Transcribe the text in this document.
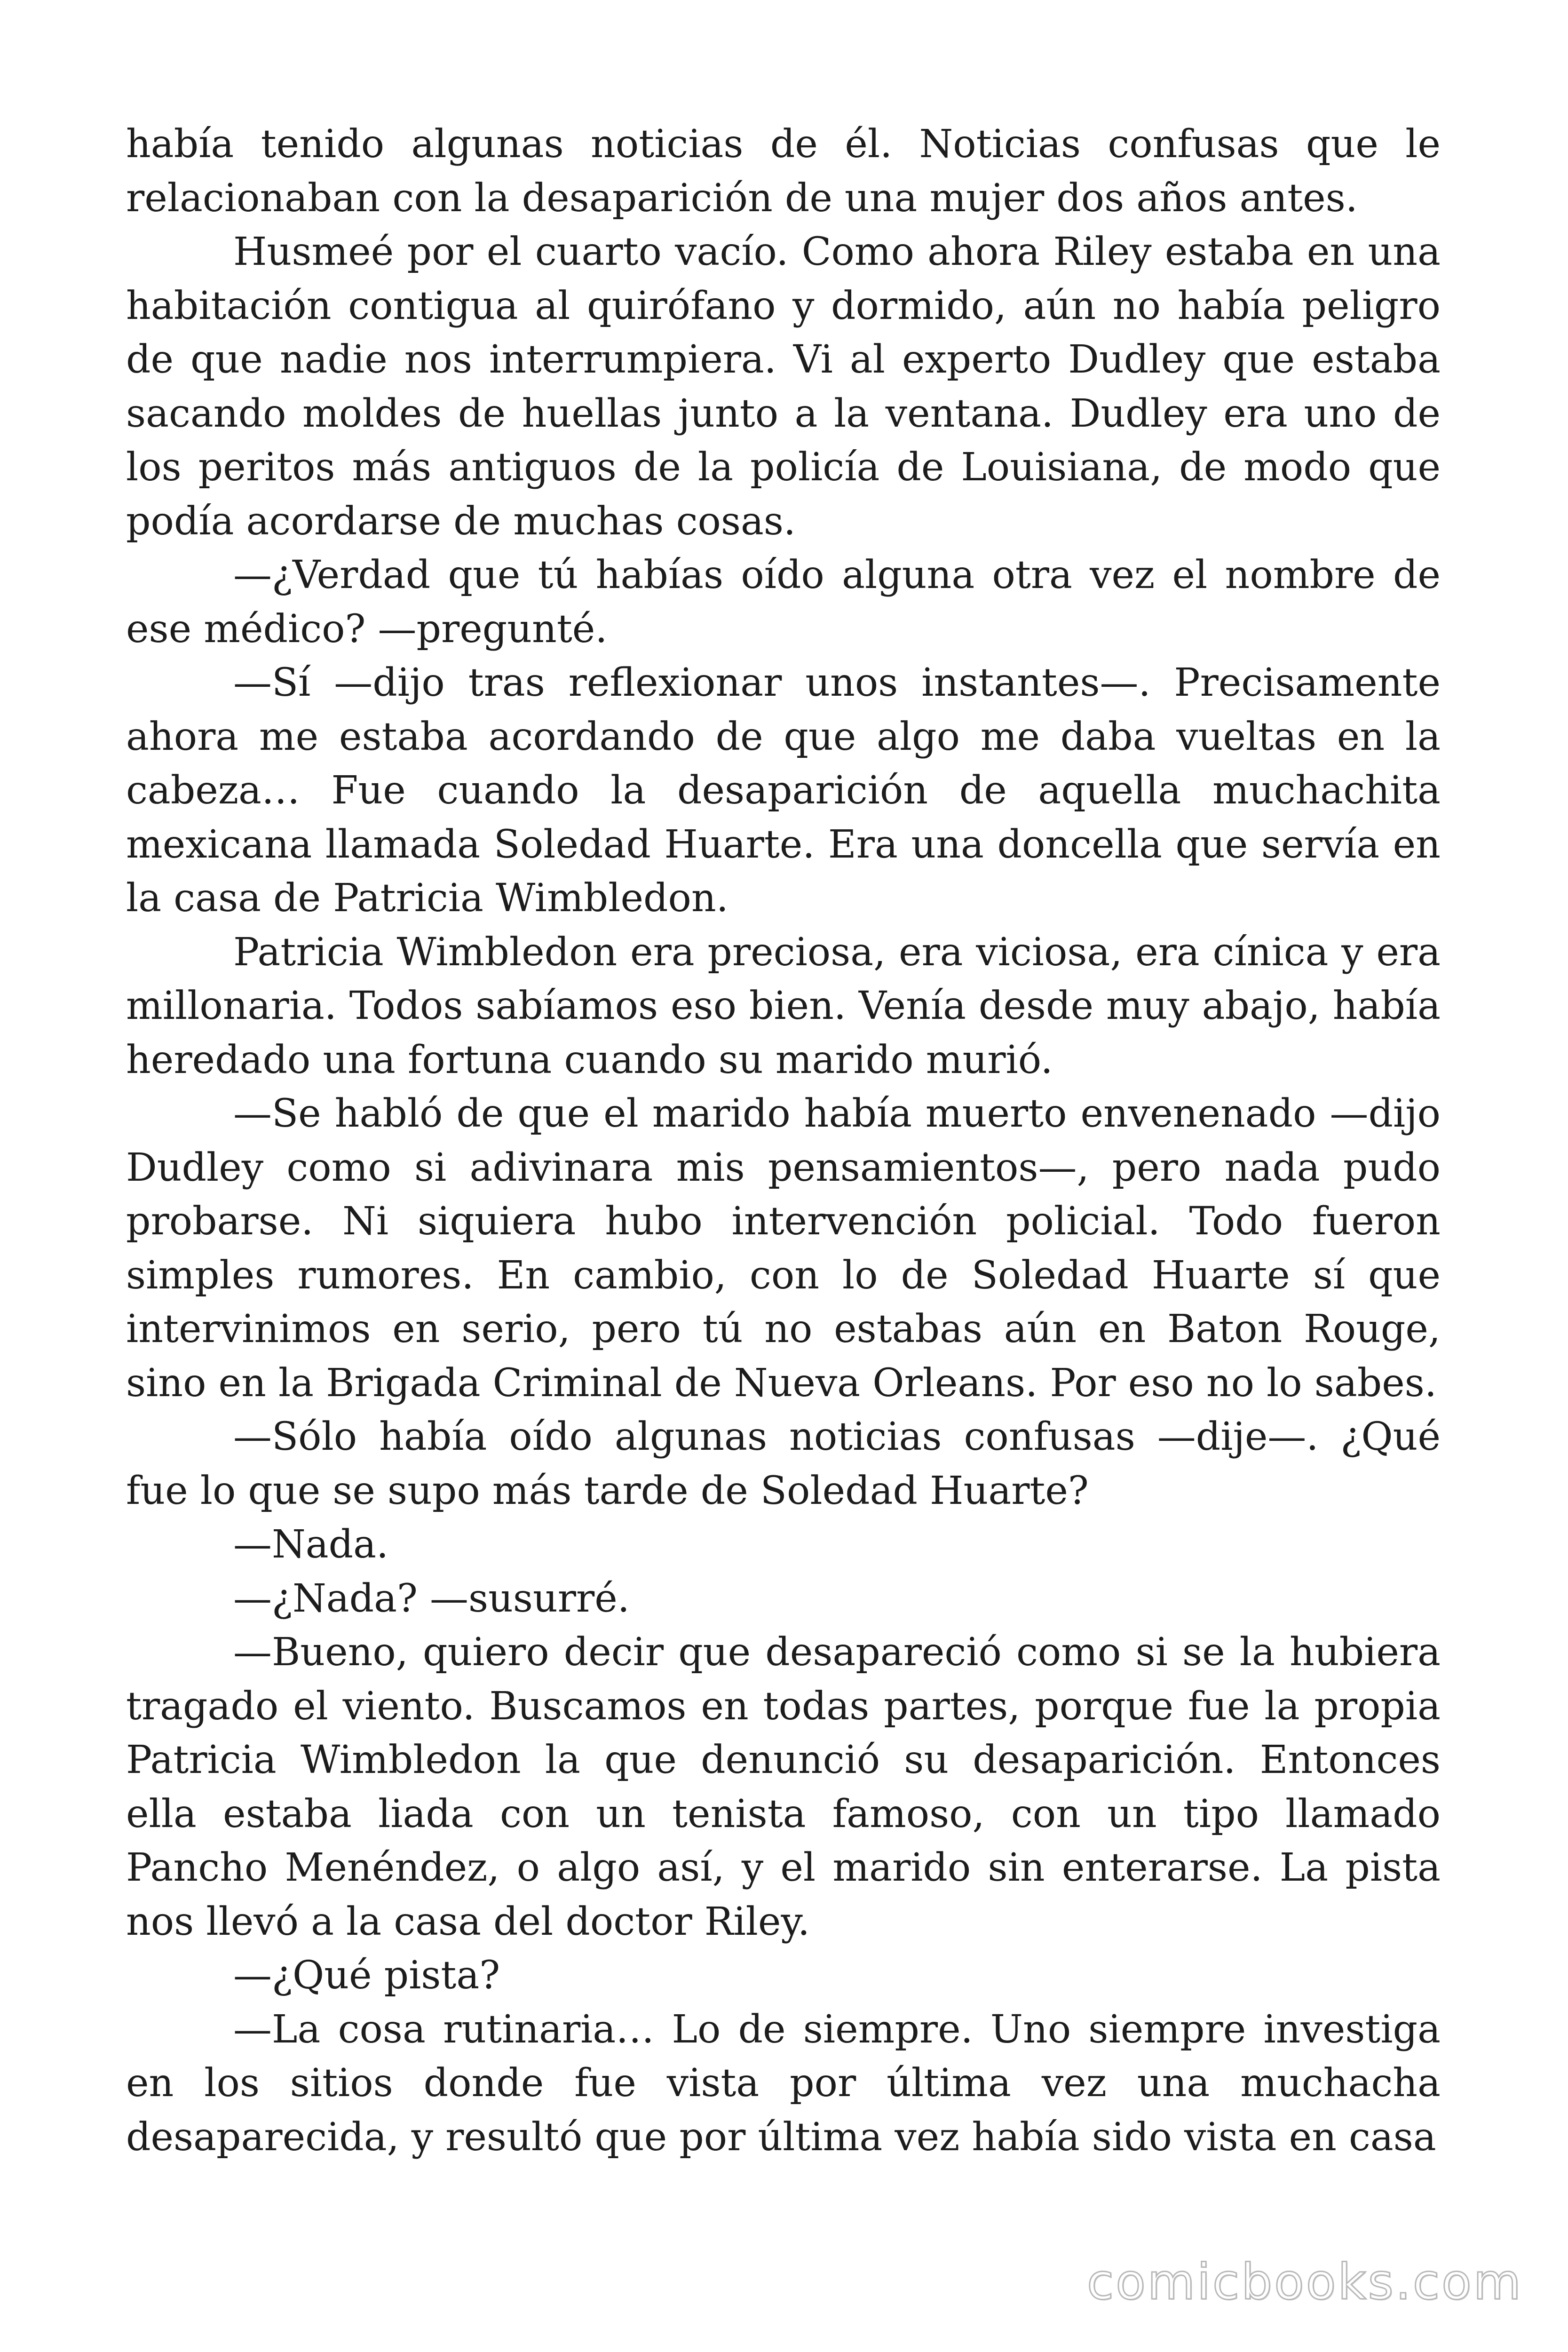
había tenido algunas noticias de él. Noticias confusas que le relacionaban con la desaparición de una mujer dos años antes.

Husmeé por el cuarto vacío. Como ahora Riley estaba en una habitación contigua al quirófano y dormido, aún no había peligro de que nadie nos interrumpiera. Vi al experto Dudley que estaba sacando moldes de huellas junto a la ventana. Dudley era uno de los peritos más antiguos de la policía de Louisiana, de modo que podía acordarse de muchas cosas.

—¿Verdad que tú habías oído alguna otra vez el nombre de ese médico? —pregunté.

—Sí —dijo tras reflexionar unos instantes—. Precisamente ahora me estaba acordando de que algo me daba vueltas en la cabeza… Fue cuando la desaparición de aquella muchachita mexicana llamada Soledad Huarte. Era una doncella que servía en la casa de Patricia Wimbledon.

Patricia Wimbledon era preciosa, era viciosa, era cínica y era millonaria. Todos sabíamos eso bien. Venía desde muy abajo, había heredado una fortuna cuando su marido murió.

—Se habló de que el marido había muerto envenenado —dijo Dudley como si adivinara mis pensamientos—, pero nada pudo probarse. Ni siquiera hubo intervención policial. Todo fueron simples rumores. En cambio, con lo de Soledad Huarte sí que intervinimos en serio, pero tú no estabas aún en Baton Rouge, sino en la Brigada Criminal de Nueva Orleans. Por eso no lo sabes.

—Sólo había oído algunas noticias confusas —dije—. ¿Qué fue lo que se supo más tarde de Soledad Huarte?

—Nada.

—¿Nada? —susurré.

—Bueno, quiero decir que desapareció como si se la hubiera tragado el viento. Buscamos en todas partes, porque fue la propia Patricia Wimbledon la que denunció su desaparición. Entonces ella estaba liada con un tenista famoso, con un tipo llamado Pancho Menéndez, o algo así, y el marido sin enterarse. La pista nos llevó a la casa del doctor Riley.

—¿Qué pista?

—La cosa rutinaria… Lo de siempre. Uno siempre investiga en los sitios donde fue vista por última vez una muchacha desaparecida, y resultó que por última vez había sido vista en casa

comicbooks.com
